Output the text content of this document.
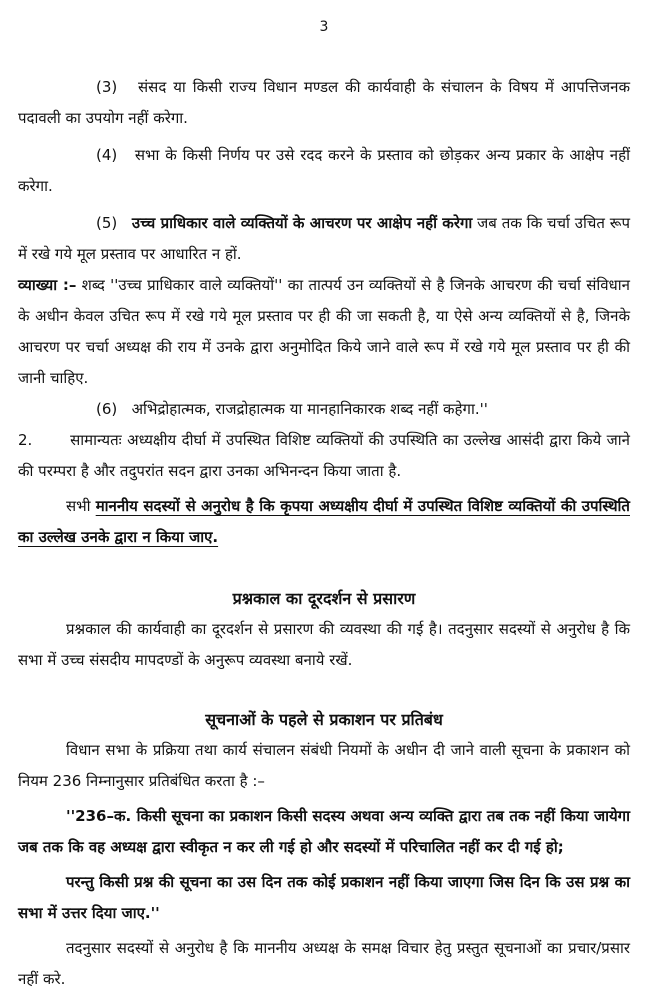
3

(3) संसद या किसी राज्य विधान मण्डल की कार्यवाही के संचालन के विषय में आपत्तिजनक पदावली का उपयोग नहीं करेगा.

(4) सभा के किसी निर्णय पर उसे रदद करने के प्रस्ताव को छोड़कर अन्य प्रकार के आक्षेप नहीं करेगा.

(5) उच्च प्राधिकार वाले व्यक्तियों के आचरण पर आक्षेप नहीं करेगा जब तक कि चर्चा उचित रूप में रखे गये मूल प्रस्ताव पर आधारित न हों.

व्याख्या :– शब्द ''उच्च प्राधिकार वाले व्यक्तियों'' का तात्पर्य उन व्यक्तियों से है जिनके आचरण की चर्चा संविधान के अधीन केवल उचित रूप में रखे गये मूल प्रस्ताव पर ही की जा सकती है, या ऐसे अन्य व्यक्तियों से है, जिनके आचरण पर चर्चा अध्यक्ष की राय में उनके द्वारा अनुमोदित किये जाने वाले रूप में रखे गये मूल प्रस्ताव पर ही की जानी चाहिए.

(6) अभिद्रोहात्मक, राजद्रोहात्मक या मानहानिकारक शब्द नहीं कहेगा.''

2.	सामान्यतः अध्यक्षीय दीर्घा में उपस्थित विशिष्ट व्यक्तियों की उपस्थिति का उल्लेख आसंदी द्वारा किये जाने की परम्परा है और तदुपरांत सदन द्वारा उनका अभिनन्दन किया जाता है.

सभी माननीय सदस्यों से अनुरोध है कि कृपया अध्यक्षीय दीर्घा में उपस्थित विशिष्ट व्यक्तियों की उपस्थिति का उल्लेख उनके द्वारा न किया जाए.

प्रश्नकाल का दूरदर्शन से प्रसारण

प्रश्नकाल की कार्यवाही का दूरदर्शन से प्रसारण की व्यवस्था की गई है। तदनुसार सदस्यों से अनुरोध है कि सभा में उच्च संसदीय मापदण्डों के अनुरूप व्यवस्था बनाये रखें.

सूचनाओं के पहले से प्रकाशन पर प्रतिबंध

विधान सभा के प्रक्रिया तथा कार्य संचालन संबंधी नियमों के अधीन दी जाने वाली सूचना के प्रकाशन को नियम 236 निम्नानुसार प्रतिबंधित करता है :–

''236–क. किसी सूचना का प्रकाशन किसी सदस्य अथवा अन्य व्यक्ति द्वारा तब तक नहीं किया जायेगा जब तक कि वह अध्यक्ष द्वारा स्वीकृत न कर ली गई हो और सदस्यों में परिचालित नहीं कर दी गई हो;

परन्तु किसी प्रश्न की सूचना का उस दिन तक कोई प्रकाशन नहीं किया जाएगा जिस दिन कि उस प्रश्न का सभा में उत्तर दिया जाए.''

तदनुसार सदस्यों से अनुरोध है कि माननीय अध्यक्ष के समक्ष विचार हेतु प्रस्तुत सूचनाओं का प्रचार/प्रसार नहीं करे.
